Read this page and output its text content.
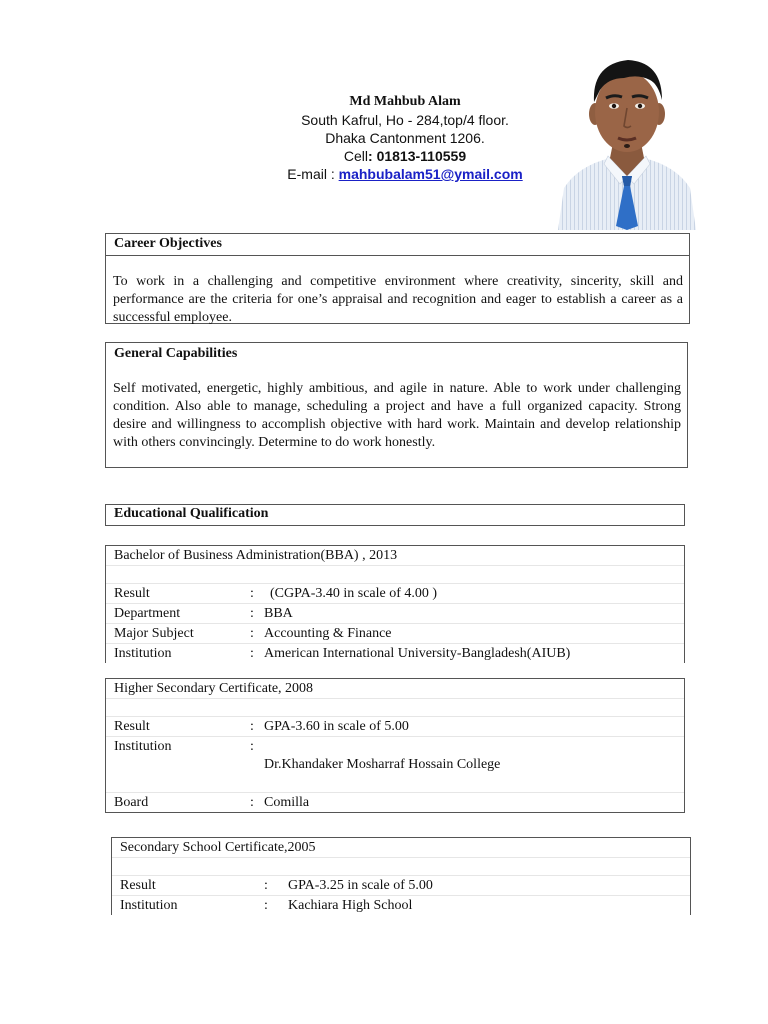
Md Mahbub Alam
South Kafrul, Ho - 284,top/4 floor.
Dhaka Cantonment 1206.
Cell: 01813-110559
E-mail : mahbubalam51@ymail.com
Career Objectives
To work in a challenging and competitive environment where creativity, sincerity, skill and performance are the criteria for one’s appraisal and recognition and eager to establish a career as a successful employee.
General Capabilities
Self motivated, energetic, highly ambitious, and agile in nature. Able to work under challenging condition. Also able to manage, scheduling a project and have a full organized capacity. Strong desire and willingness to accomplish objective with hard work. Maintain and develop relationship with others convincingly. Determine to do work honestly.
Educational Qualification
Bachelor of Business Administration(BBA) , 2013
Result	:	(CGPA-3.40 in scale of 4.00 )
Department	: BBA
Major Subject	: Accounting & Finance
Institution	: American International University-Bangladesh(AIUB)
Higher Secondary Certificate, 2008
Result	: GPA-3.60 in scale of 5.00
Institution	:
Dr.Khandaker Mosharraf Hossain College
Board	: Comilla
Secondary School Certificate,2005
Result	:	GPA-3.25 in scale of 5.00
Institution	:	Kachiara High School
